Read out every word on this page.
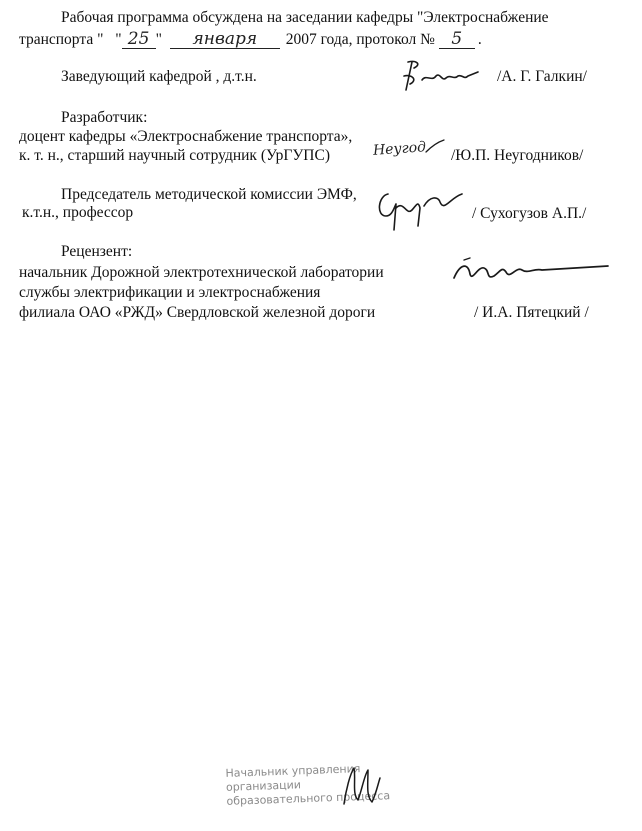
Рабочая программа обсуждена на заседании кафедры "Электроснабжение
транспорта " " 25 " января 2007 года, протокол № 5 .
Заведующий кафедрой , д.т.н.	/А. Г. Галкин/
Разработчик:
доцент кафедры «Электроснабжение транспорта»,
к. т. н., старший научный сотрудник (УрГУПС)	Неугод /Ю.П. Неугодников/
Председатель методической комиссии ЭМФ,
к.т.н., профессор	/ Сухогузов А.П./
Рецензент:
начальник Дорожной электротехнической лаборатории
службы электрификации и электроснабжения
филиала ОАО «РЖД» Свердловской железной дороги	/ И.А. Пятецкий /
Начальник управления
организации
образовательного процесса
